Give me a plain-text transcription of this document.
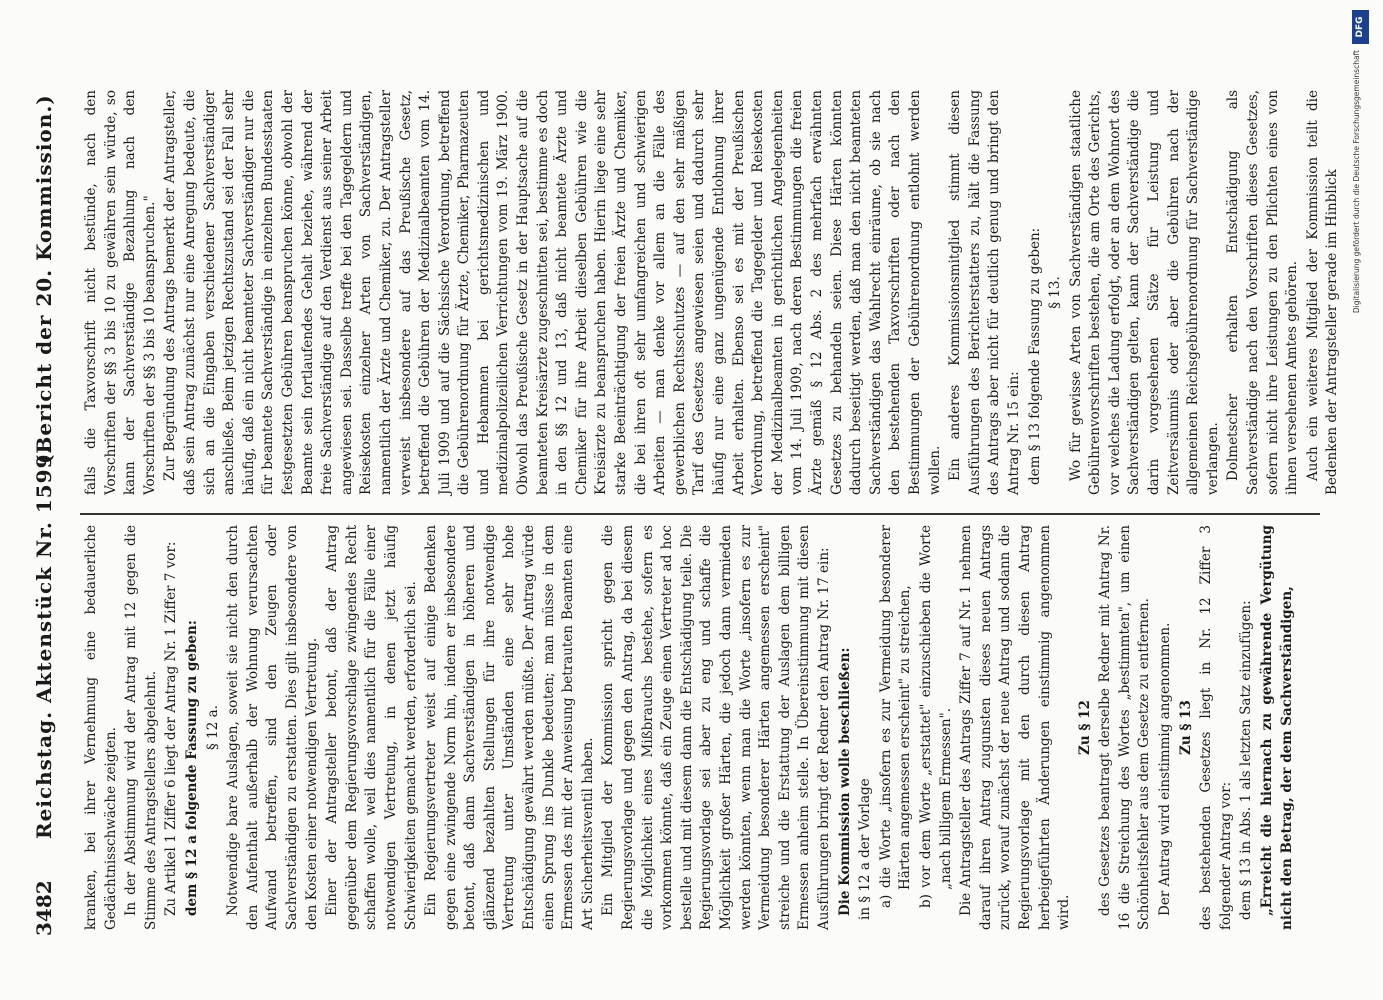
3482
Reichstag. Aktenstück Nr. 1599.
(Bericht der 20. Kommission.)

kranken, bei ihrer Vernehmung eine bedauerliche Gedächtnisschwäche zeigten. In der Abstimmung wird der Antrag mit 12 gegen die Stimme des Antragstellers abgelehnt. Zu Artikel 1 Ziffer 6 liegt der Antrag Nr. 1 Ziffer 7 vor: dem § 12 a folgende Fassung zu geben: § 12 a. Notwendige bare Auslagen, soweit sie nicht den durch den Aufenthalt außerhalb der Wohnung verursachten Aufwand betreffen, sind den Zeugen oder Sachverständigen zu erstatten. Dies gilt insbesondere von den Kosten einer notwendigen Vertretung. Einer der Antragsteller betont, daß der Antrag gegenüber dem Regierungsvorschlage zwingendes Recht schaffen wolle, weil dies namentlich für die Fälle einer notwendigen Vertretung, in denen jetzt häufig Schwierigkeiten gemacht werden, erforderlich sei. Ein Regierungsvertreter weist auf einige Bedenken gegen eine zwingende Norm hin, indem er insbesondere betont, daß dann Sachverständigen in höheren und glänzend bezahlten Stellungen für ihre notwendige Vertretung unter Umständen eine sehr hohe Entschädigung gewährt werden müßte. Der Antrag würde einen Sprung ins Dunkle bedeuten; man müsse in dem Ermessen des mit der Anweisung betrauten Beamten eine Art Sicherheitsventil haben. Ein Mitglied der Kommission spricht gegen die Regierungsvorlage und gegen den Antrag, da bei diesem die Möglichkeit eines Mißbrauchs bestehe, sofern es vorkommen könnte, daß ein Zeuge einen Vertreter ad hoc bestelle und mit diesem dann die Entschädigung teile. Die Regierungsvorlage sei aber zu eng und schaffe die Möglichkeit großer Härten, die jedoch dann vermieden werden könnten, wenn man die Worte „insofern es zur Vermeidung besonderer Härten angemessen erscheint" streiche und die Erstattung der Auslagen dem billigen Ermessen anheim stelle. In Übereinstimmung mit diesen Ausführungen bringt der Redner den Antrag Nr. 17 ein: Die Kommission wolle beschließen: in § 12 a der Vorlage a) die Worte „insofern es zur Vermeidung besonderer Härten angemessen erscheint" zu streichen, b) vor dem Worte „erstattet" einzuschieben die Worte „nach billigem Ermessen". Die Antragsteller des Antrags Ziffer 7 auf Nr. 1 nehmen darauf ihren Antrag zugunsten dieses neuen Antrags zurück, worauf zunächst der neue Antrag und sodann die Regierungsvorlage mit den durch diesen Antrag herbeigeführten Änderungen einstimmig angenommen wird.

Zu § 12 des Gesetzes beantragt derselbe Redner mit Antrag Nr. 16 die Streichung des Wortes „bestimmten", um einen Schönheitsfehler aus dem Gesetze zu entfernen. Der Antrag wird einstimmig angenommen. Zu § 13 des bestehenden Gesetzes liegt in Nr. 12 Ziffer 3 folgender Antrag vor: dem § 13 in Abs. 1 als letzten Satz einzufügen: „Erreicht die hiernach zu gewährende Vergütung nicht den Betrag, der dem Sachverständigen,

falls die Taxvorschrift nicht bestünde, nach den Vorschriften der §§ 3 bis 10 zu gewähren sein würde, so kann der Sachverständige Bezahlung nach den Vorschriften der §§ 3 bis 10 beanspruchen." Zur Begründung des Antrags bemerkt der Antragsteller, daß sein Antrag zunächst nur eine Anregung bedeute, die sich an die Eingaben verschiedener Sachverständiger anschließe. Beim jetzigen Rechtszustand sei der Fall sehr häufig, daß ein nicht beamteter Sachverständiger nur die für beamtete Sachverständige in einzelnen Bundesstaaten festgesetzten Gebühren beanspruchen könne, obwohl der Beamte sein fortlaufendes Gehalt beziehe, während der freie Sachverständige auf den Verdienst aus seiner Arbeit angewiesen sei. Dasselbe treffe bei den Tagegeldern und Reisekosten einzelner Arten von Sachverständigen, namentlich der Ärzte und Chemiker, zu. Der Antragsteller verweist insbesondere auf das Preußische Gesetz, betreffend die Gebühren der Medizinalbeamten vom 14. Juli 1909 und auf die Sächsische Verordnung, betreffend die Gebührenordnung für Ärzte, Chemiker, Pharmazeuten und Hebammen bei gerichtsmedizinischen und medizinalpolizeilichen Verrichtungen vom 19. März 1900. Obwohl das Preußische Gesetz in der Hauptsache auf die beamteten Kreisärzte zugeschnitten sei, bestimme es doch in den §§ 12 und 13, daß nicht beamtete Ärzte und Chemiker für ihre Arbeit dieselben Gebühren wie die Kreisärzte zu beanspruchen haben. Hierin liege eine sehr starke Beeinträchtigung der freien Ärzte und Chemiker, die bei ihren oft sehr umfangreichen und schwierigen Arbeiten — man denke vor allem an die Fälle des gewerblichen Rechtsschutzes — auf den sehr mäßigen Tarif des Gesetzes angewiesen seien und dadurch sehr häufig nur eine ganz ungenügende Entlohnung ihrer Arbeit erhalten. Ebenso sei es mit der Preußischen Verordnung, betreffend die Tagegelder und Reisekosten der Medizinalbeamten in gerichtlichen Angelegenheiten vom 14. Juli 1909, nach deren Bestimmungen die freien Ärzte gemäß § 12 Abs. 2 des mehrfach erwähnten Gesetzes zu behandeln seien. Diese Härten könnten dadurch beseitigt werden, daß man den nicht beamteten Sachverständigen das Wahlrecht einräume, ob sie nach den bestehenden Taxvorschriften oder nach den Bestimmungen der Gebührenordnung entlohnt werden wollen. Ein anderes Kommissionsmitglied stimmt diesen Ausführungen des Berichterstatters zu, hält die Fassung des Antrags aber nicht für deutlich genug und bringt den Antrag Nr. 15 ein: dem § 13 folgende Fassung zu geben: § 13. Wo für gewisse Arten von Sachverständigen staatliche Gebührenvorschriften bestehen, die am Orte des Gerichts, vor welches die Ladung erfolgt, oder an dem Wohnort des Sachverständigen gelten, kann der Sachverständige die darin vorgesehenen Sätze für Leistung und Zeitversäumnis oder aber die Gebühren nach der allgemeinen Reichsgebührenordnung für Sachverständige verlangen. Dolmetscher erhalten Entschädigung als Sachverständige nach den Vorschriften dieses Gesetzes, sofern nicht ihre Leistungen zu den Pflichten eines von ihnen versehenen Amtes gehören. Auch ein weiteres Mitglied der Kommission teilt die Bedenken der Antragsteller gerade im Hinblick	Digitalisierung gefördert durch die Deutsche Forschungsgemeinschaft
DFG
